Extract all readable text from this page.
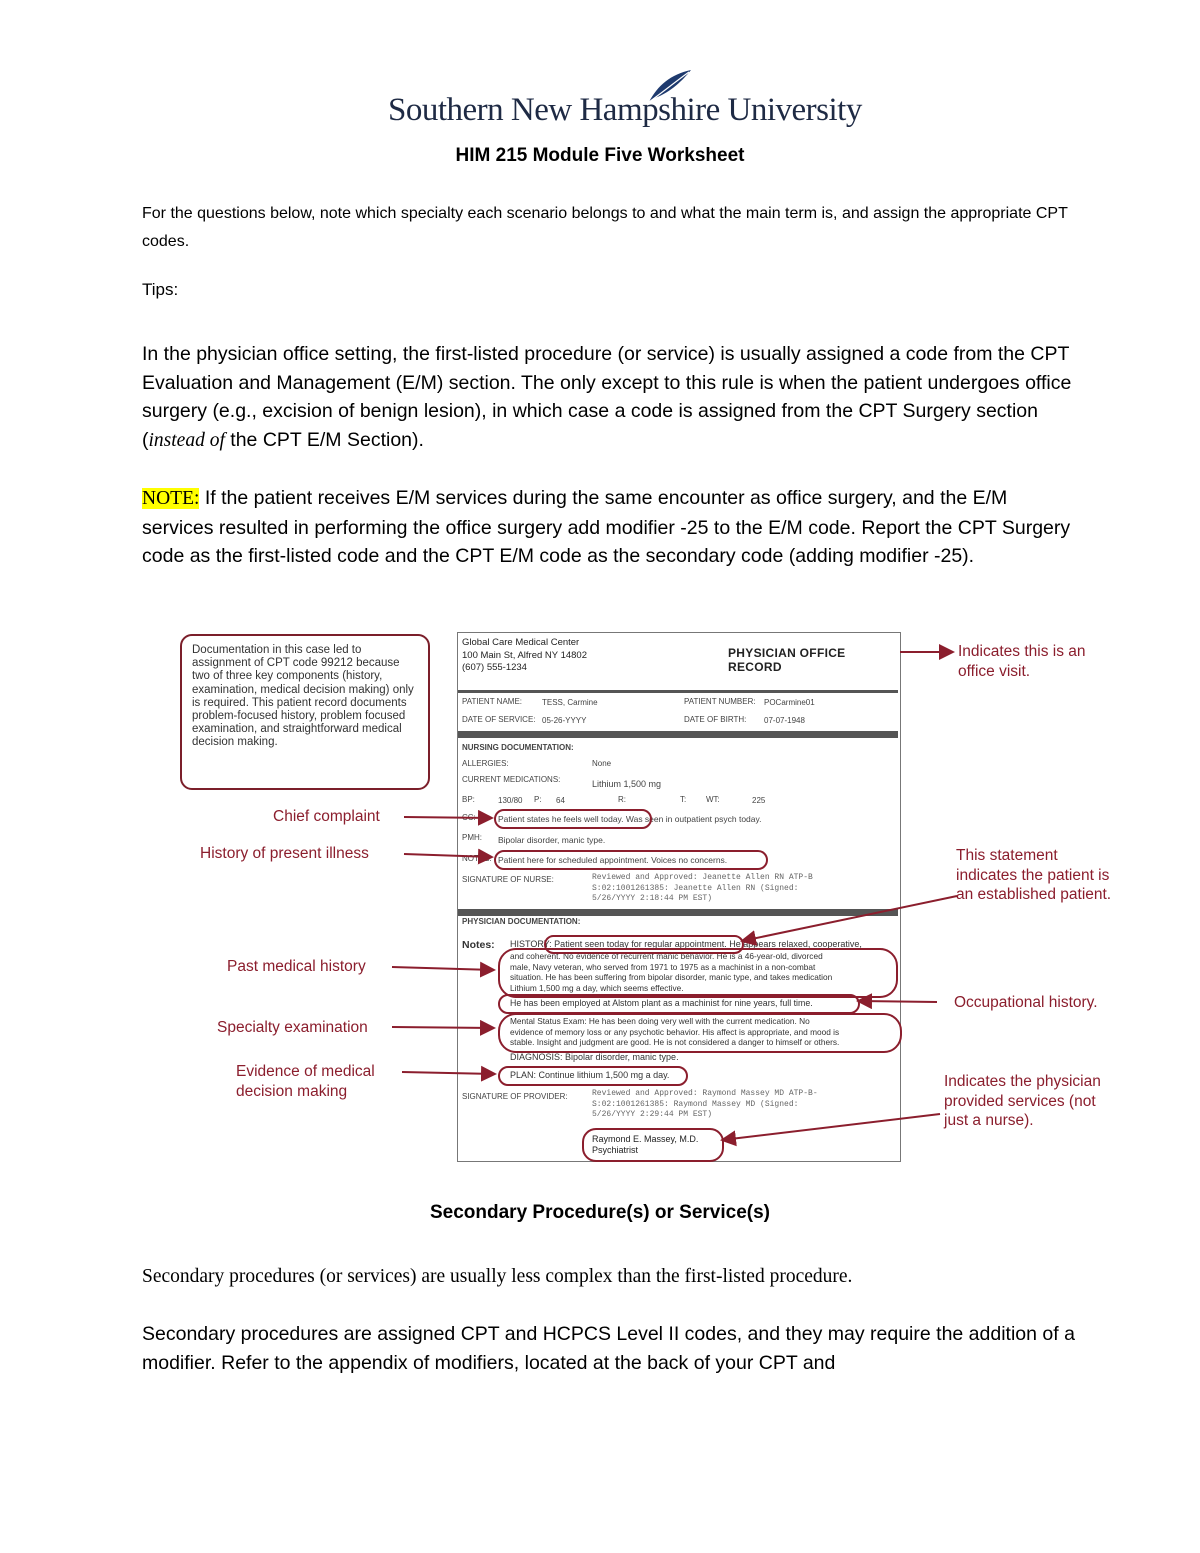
Southern New Hampshire University
HIM 215 Module Five Worksheet
For the questions below, note which specialty each scenario belongs to and what the main term is, and assign the appropriate CPT codes.
Tips:
In the physician office setting, the first-listed procedure (or service) is usually assigned a code from the CPT Evaluation and Management (E/M) section. The only except to this rule is when the patient undergoes office surgery (e.g., excision of benign lesion), in which case a code is assigned from the CPT Surgery section (instead of the CPT E/M Section).
NOTE: If the patient receives E/M services during the same encounter as office surgery, and the E/M services resulted in performing the office surgery add modifier -25 to the E/M code. Report the CPT Surgery code as the first-listed code and the CPT E/M code as the secondary code (adding modifier -25).
Documentation in this case led to assignment of CPT code 99212 because two of three key components (history, examination, medical decision making) only is required. This patient record documents problem-focused history, problem focused examination, and straightforward medical decision making.
Global Care Medical Center
100 Main St, Alfred NY 14802
(607) 555-1234
PHYSICIAN OFFICE RECORD
PATIENT NAME: TESS, Carmine	PATIENT NUMBER: POCarmine01
DATE OF SERVICE: 05-26-YYYY	DATE OF BIRTH: 07-07-1948
NURSING DOCUMENTATION:
ALLERGIES:	None
CURRENT MEDICATIONS:	Lithium 1,500 mg
BP:	130/80 P: 64	R:	T: WT:	225
CC:	Patient states he feels well today. Was seen in outpatient psych today.
PMH: Bipolar disorder, manic type.
NOTES: Patient here for scheduled appointment. Voices no concerns.
SIGNATURE OF NURSE:	Reviewed and Approved: Jeanette Allen RN ATP-B
S:02:1001261385: Jeanette Allen RN (Signed:
5/26/YYYY 2:18:44 PM EST)
PHYSICIAN DOCUMENTATION:
Notes: HISTORY: Patient seen today for regular appointment. He appears relaxed, cooperative,
and coherent. No evidence of recurrent manic behavior. He is a 46-year-old, divorced
male, Navy veteran, who served from 1971 to 1975 as a machinist in a non-combat
situation. He has been suffering from bipolar disorder, manic type, and takes medication
Lithium 1,500 mg a day, which seems effective.
He has been employed at Alstom plant as a machinist for nine years, full time.
Mental Status Exam: He has been doing very well with the current medication. No
evidence of memory loss or any psychotic behavior. His affect is appropriate, and mood is
stable. Insight and judgment are good. He is not considered a danger to himself or others.
DIAGNOSIS: Bipolar disorder, manic type.
PLAN: Continue lithium 1,500 mg a day.
SIGNATURE OF PROVIDER:	Reviewed and Approved: Raymond Massey MD ATP-B-
S:02:1001261385: Raymond Massey MD (Signed:
5/26/YYYY 2:29:44 PM EST)
Raymond E. Massey, M.D.
Psychiatrist
Chief complaint
History of present illness
Past medical history
Specialty examination
Evidence of medical
decision making
Indicates this is an office visit.
This statement indicates the patient is an established patient.
Occupational history.
Indicates the physician provided services (not just a nurse).
Secondary Procedure(s) or Service(s)
Secondary procedures (or services) are usually less complex than the first-listed procedure.
Secondary procedures are assigned CPT and HCPCS Level II codes, and they may require the addition of a modifier. Refer to the appendix of modifiers, located at the back of your CPT and
